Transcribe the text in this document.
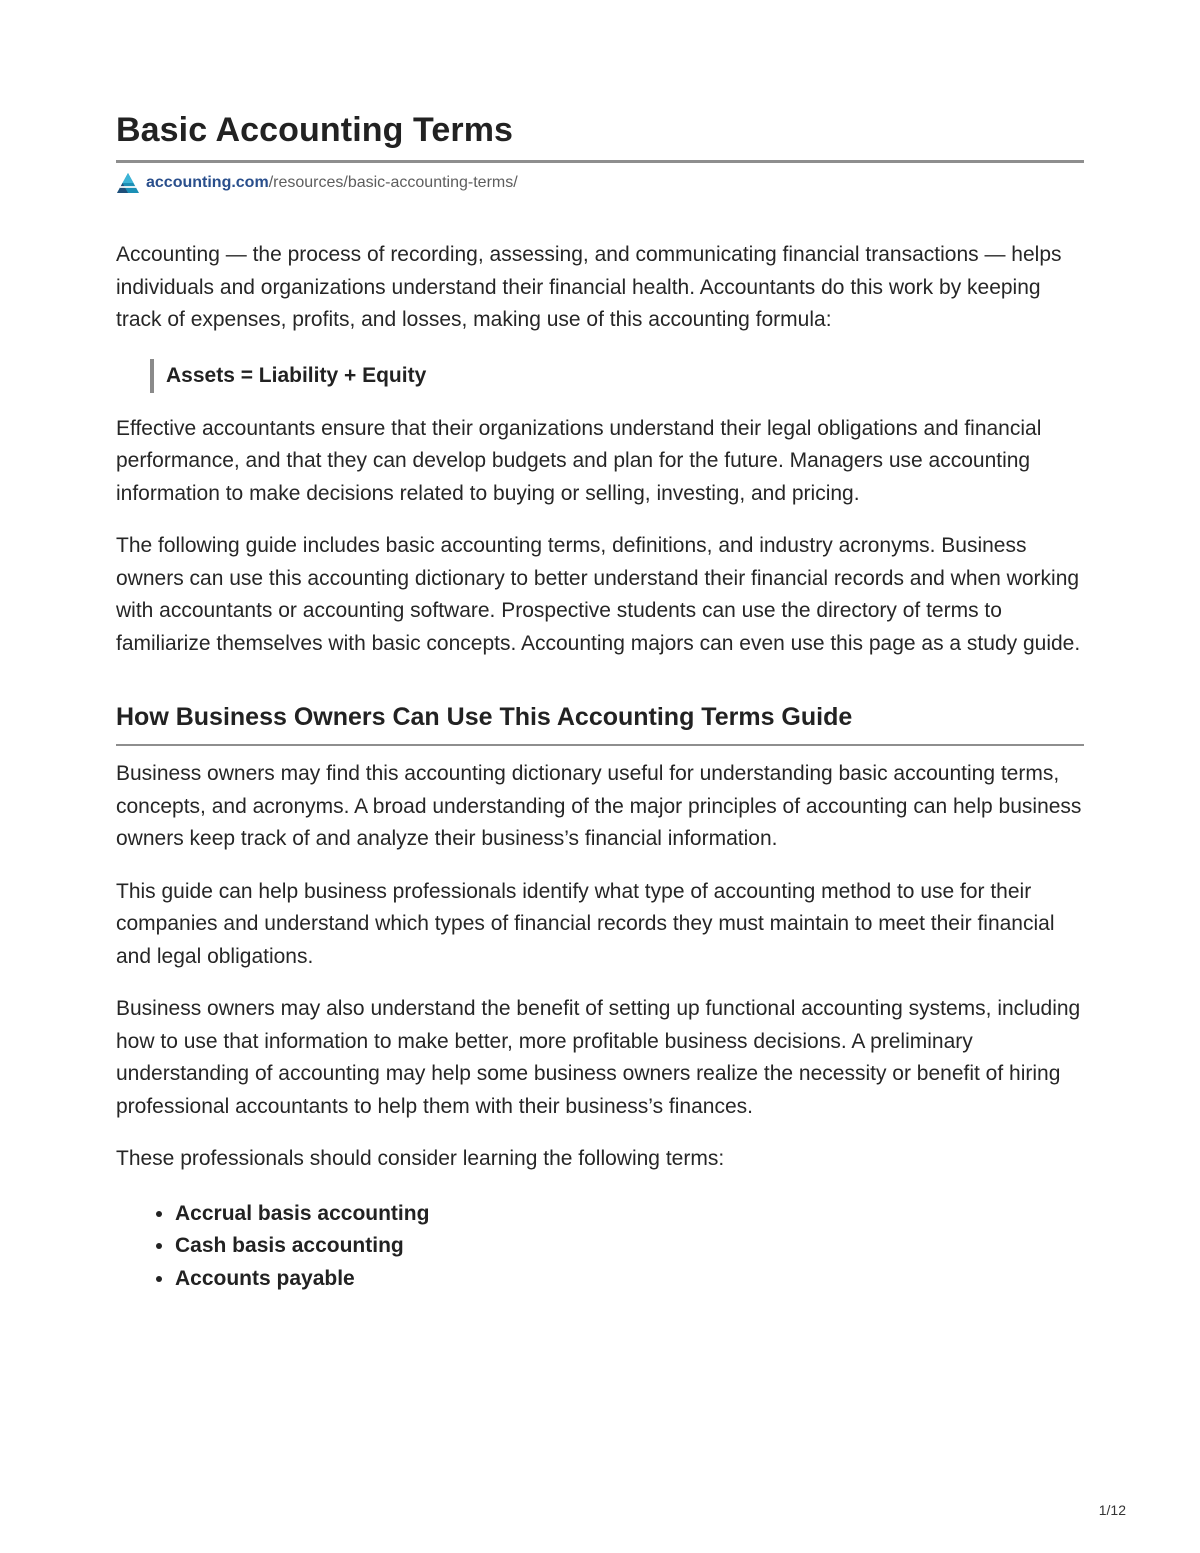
Basic Accounting Terms
accounting.com /resources/basic-accounting-terms/

Accounting — the process of recording, assessing, and communicating financial transactions — helps individuals and organizations understand their financial health. Accountants do this work by keeping track of expenses, profits, and losses, making use of this accounting formula:

Assets = Liability + Equity

Effective accountants ensure that their organizations understand their legal obligations and financial performance, and that they can develop budgets and plan for the future. Managers use accounting information to make decisions related to buying or selling, investing, and pricing.

The following guide includes basic accounting terms, definitions, and industry acronyms. Business owners can use this accounting dictionary to better understand their financial records and when working with accountants or accounting software. Prospective students can use the directory of terms to familiarize themselves with basic concepts. Accounting majors can even use this page as a study guide.

How Business Owners Can Use This Accounting Terms Guide

Business owners may find this accounting dictionary useful for understanding basic accounting terms, concepts, and acronyms. A broad understanding of the major principles of accounting can help business owners keep track of and analyze their business’s financial information.

This guide can help business professionals identify what type of accounting method to use for their companies and understand which types of financial records they must maintain to meet their financial and legal obligations.

Business owners may also understand the benefit of setting up functional accounting systems, including how to use that information to make better, more profitable business decisions. A preliminary understanding of accounting may help some business owners realize the necessity or benefit of hiring professional accountants to help them with their business’s finances.

These professionals should consider learning the following terms:

• Accrual basis accounting
• Cash basis accounting
• Accounts payable
1/12
